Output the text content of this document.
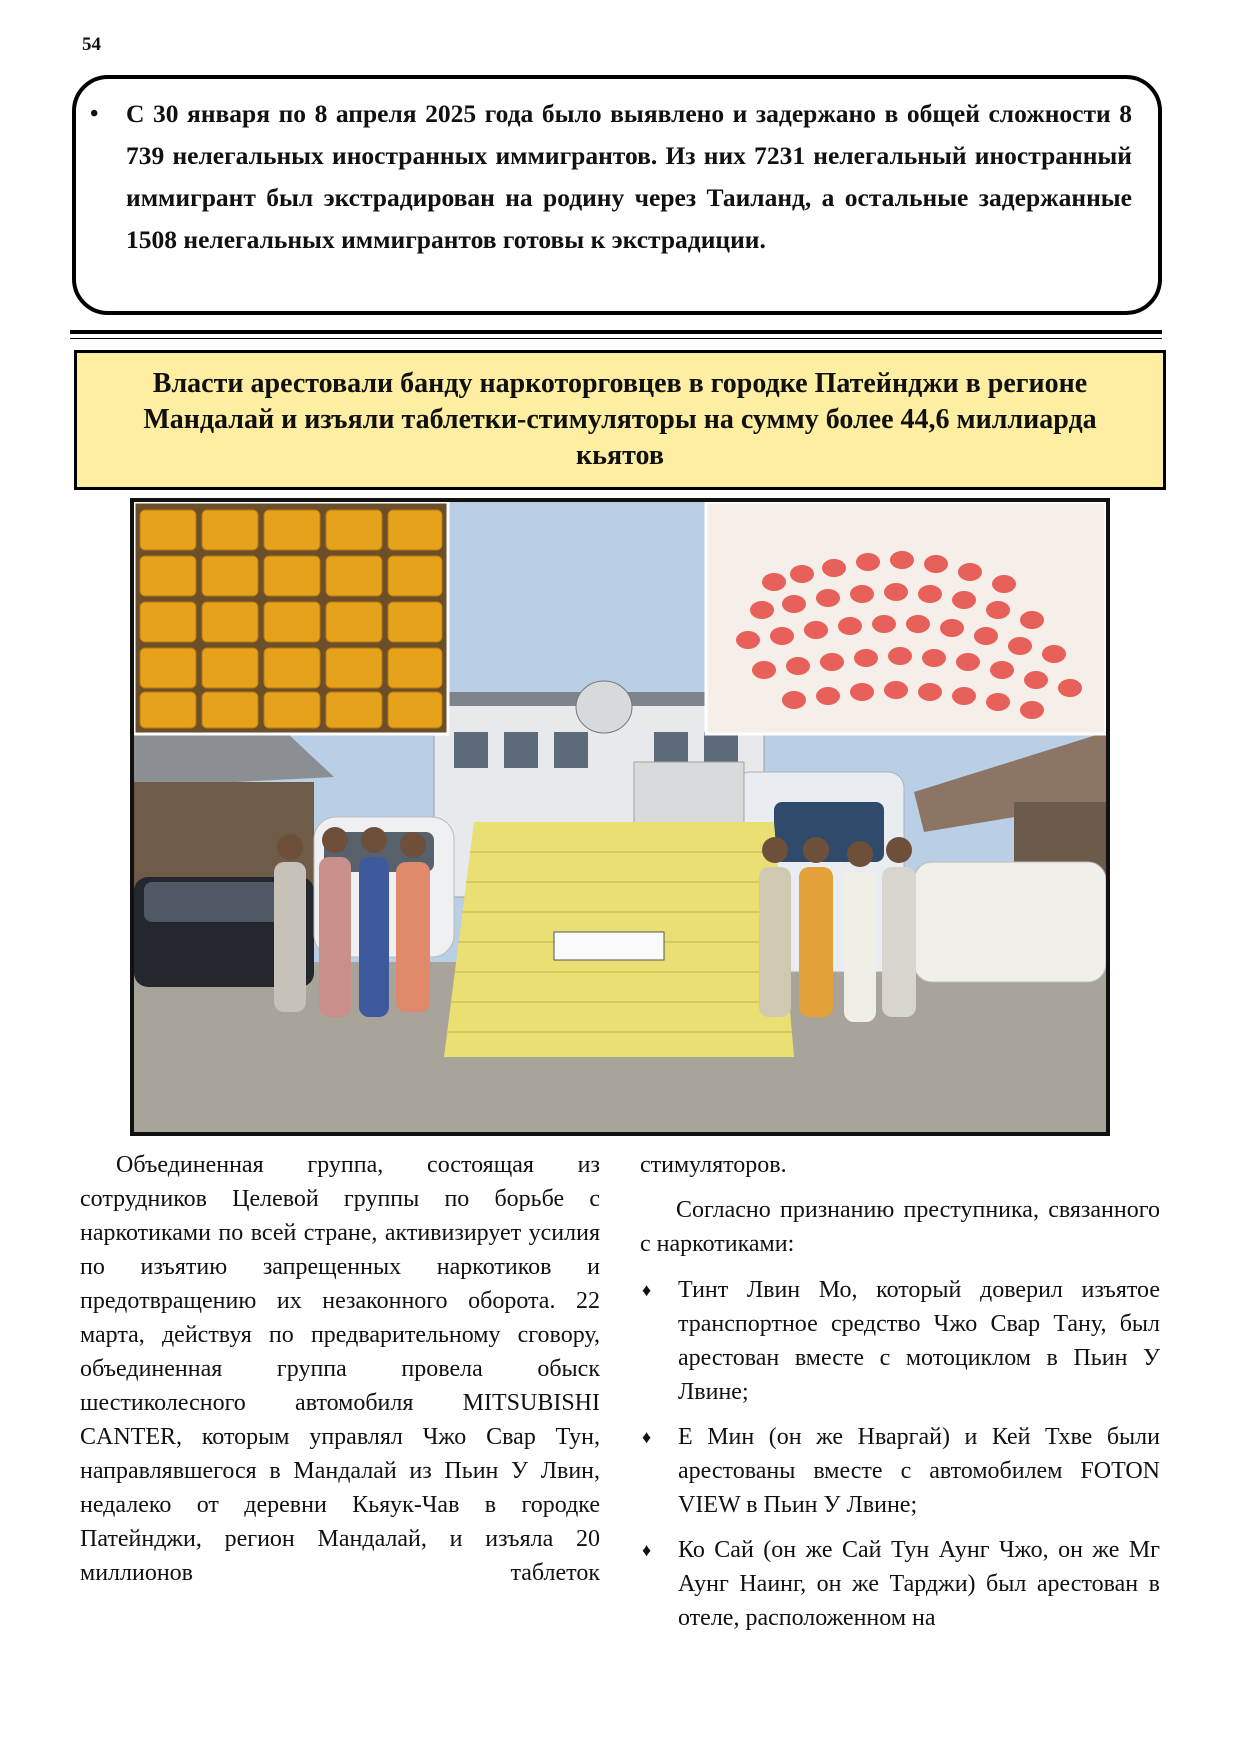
54
• С 30 января по 8 апреля 2025 года было выявлено и задержано в общей сложности 8 739 нелегальных иностранных иммигрантов. Из них 7231 нелегальный иностранный иммигрант был экстрадирован на родину через Таиланд, а остальные задержанные 1508 нелегальных иммигрантов готовы к экстрадиции.
Власти арестовали банду наркоторговцев в городке Патейнджи в регионе Мандалай и изъяли таблетки-стимуляторы на сумму более 44,6 миллиарда кьятов

Объединенная группа, состоящая из сотрудников Целевой группы по борьбе с наркотиками по всей стране, активизирует усилия по изъятию запрещенных наркотиков и предотвращению их незаконного оборота. 22 марта, действуя по предварительному сговору, объединенная группа провела обыск шестиколесного автомобиля MITSUBISHI CANTER, которым управлял Чжо Свар Тун, направлявшегося в Мандалай из Пьин У Лвин, недалеко от деревни Кьяук-Чав в городке Патейнджи, регион Мандалай, и изъяла 20 миллионов таблеток

стимуляторов.

Согласно признанию преступника, связанного с наркотиками:

♦ Тинт Лвин Мо, который доверил изъятое транспортное средство Чжо Свар Тану, был арестован вместе с мотоциклом в Пьин У Лвине;
♦ Е Мин (он же Нваргай) и Кей Тхве были арестованы вместе с автомобилем FOTON VIEW в Пьин У Лвине;
♦ Ко Сай (он же Сай Тун Аунг Чжо, он же Мг Аунг Наинг, он же Тарджи) был арестован в отеле, расположенном на
